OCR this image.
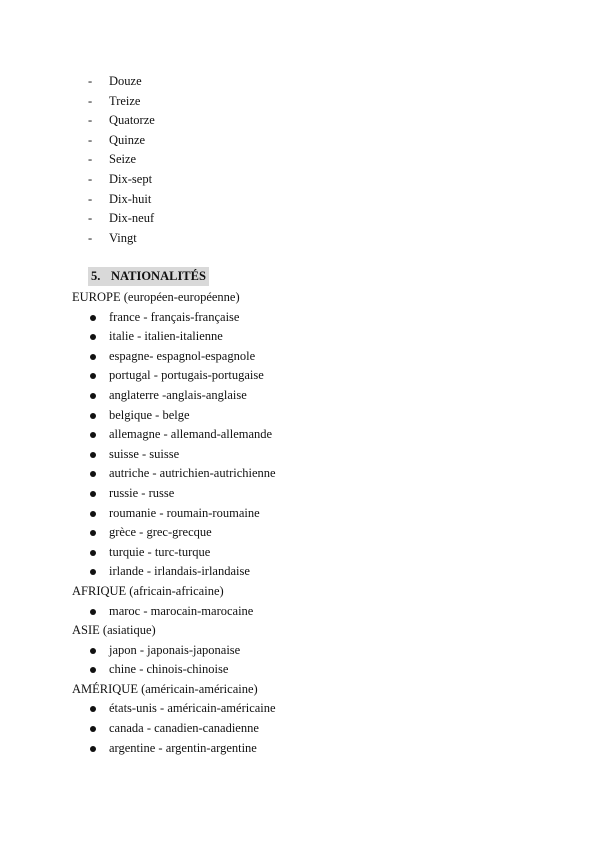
- Douze
- Treize
- Quatorze
- Quinze
- Seize
- Dix-sept
- Dix-huit
- Dix-neuf
- Vingt
5. NATIONALITÉS
EUROPE (européen-européenne)
france - français-française
italie - italien-italienne
espagne- espagnol-espagnole
portugal - portugais-portugaise
anglaterre -anglais-anglaise
belgique - belge
allemagne - allemand-allemande
suisse - suisse
autriche - autrichien-autrichienne
russie - russe
roumanie - roumain-roumaine
grèce - grec-grecque
turquie - turc-turque
irlande - irlandais-irlandaise
AFRIQUE (africain-africaine)
maroc - marocain-marocaine
ASIE (asiatique)
japon - japonais-japonaise
chine - chinois-chinoise
AMÉRIQUE (américain-américaine)
états-unis - américain-américaine
canada - canadien-canadienne
argentine - argentin-argentine
